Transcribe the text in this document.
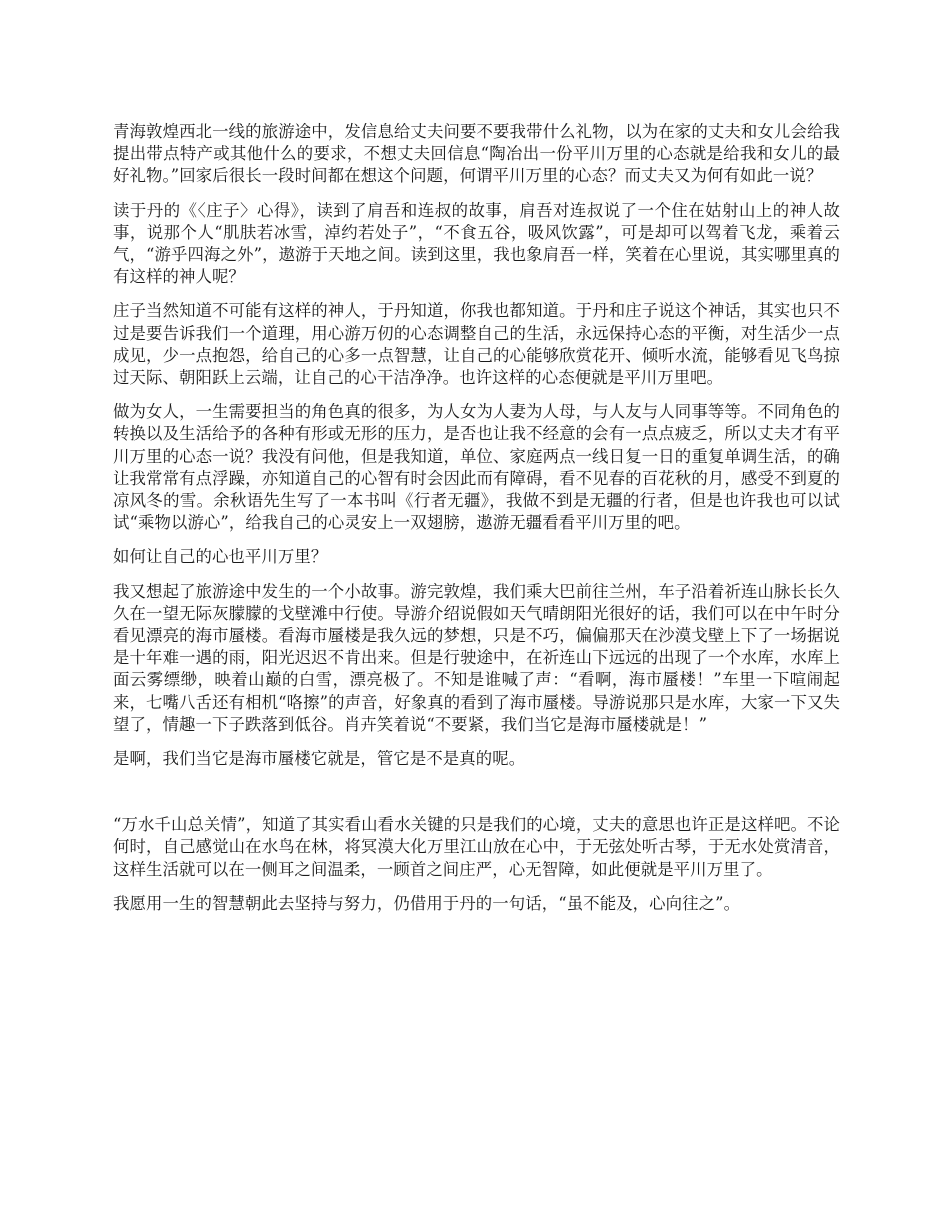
青海敦煌西北一线的旅游途中，发信息给丈夫问要不要我带什么礼物，以为在家的丈夫和女儿会给我提出带点特产或其他什么的要求，不想丈夫回信息“陶冶出一份平川万里的心态就是给我和女儿的最好礼物。”回家后很长一段时间都在想这个问题，何谓平川万里的心态？而丈夫又为何有如此一说？

读于丹的《〈庄子〉心得》，读到了肩吾和连叔的故事，肩吾对连叔说了一个住在姑射山上的神人故事，说那个人“肌肤若冰雪，淖约若处子”，“不食五谷，吸风饮露”，可是却可以驾着飞龙，乘着云气，“游乎四海之外”，遨游于天地之间。读到这里，我也象肩吾一样，笑着在心里说，其实哪里真的有这样的神人呢？

庄子当然知道不可能有这样的神人，于丹知道，你我也都知道。于丹和庄子说这个神话，其实也只不过是要告诉我们一个道理，用心游万仞的心态调整自己的生活，永远保持心态的平衡，对生活少一点成见，少一点抱怨，给自己的心多一点智慧，让自己的心能够欣赏花开、倾听水流，能够看见飞鸟掠过天际、朝阳跃上云端，让自己的心干洁净净。也许这样的心态便就是平川万里吧。

做为女人，一生需要担当的角色真的很多，为人女为人妻为人母，与人友与人同事等等。不同角色的转换以及生活给予的各种有形或无形的压力，是否也让我不经意的会有一点点疲乏，所以丈夫才有平川万里的心态一说？我没有问他，但是我知道，单位、家庭两点一线日复一日的重复单调生活，的确让我常常有点浮躁，亦知道自己的心智有时会因此而有障碍，看不见春的百花秋的月，感受不到夏的凉风冬的雪。余秋语先生写了一本书叫《行者无疆》，我做不到是无疆的行者，但是也许我也可以试试“乘物以游心”，给我自己的心灵安上一双翅膀，遨游无疆看看平川万里的吧。

如何让自己的心也平川万里？

我又想起了旅游途中发生的一个小故事。游完敦煌，我们乘大巴前往兰州，车子沿着祈连山脉长长久久在一望无际灰朦朦的戈壁滩中行使。导游介绍说假如天气晴朗阳光很好的话，我们可以在中午时分看见漂亮的海市蜃楼。看海市蜃楼是我久远的梦想，只是不巧，偏偏那天在沙漠戈壁上下了一场据说是十年难一遇的雨，阳光迟迟不肯出来。但是行驶途中，在祈连山下远远的出现了一个水库，水库上面云雾缥缈，映着山巅的白雪，漂亮极了。不知是谁喊了声：“看啊，海市蜃楼！”车里一下喧闹起来，七嘴八舌还有相机“咯擦”的声音，好象真的看到了海市蜃楼。导游说那只是水库，大家一下又失望了，情趣一下子跌落到低谷。肖卉笑着说“不要紧，我们当它是海市蜃楼就是！”

是啊，我们当它是海市蜃楼它就是，管它是不是真的呢。

“万水千山总关情”，知道了其实看山看水关键的只是我们的心境，丈夫的意思也许正是这样吧。不论何时，自己感觉山在水鸟在林，将冥漠大化万里江山放在心中，于无弦处听古琴，于无水处赏清音，这样生活就可以在一侧耳之间温柔，一顾首之间庄严，心无智障，如此便就是平川万里了。

我愿用一生的智慧朝此去坚持与努力，仍借用于丹的一句话，“虽不能及，心向往之”。
